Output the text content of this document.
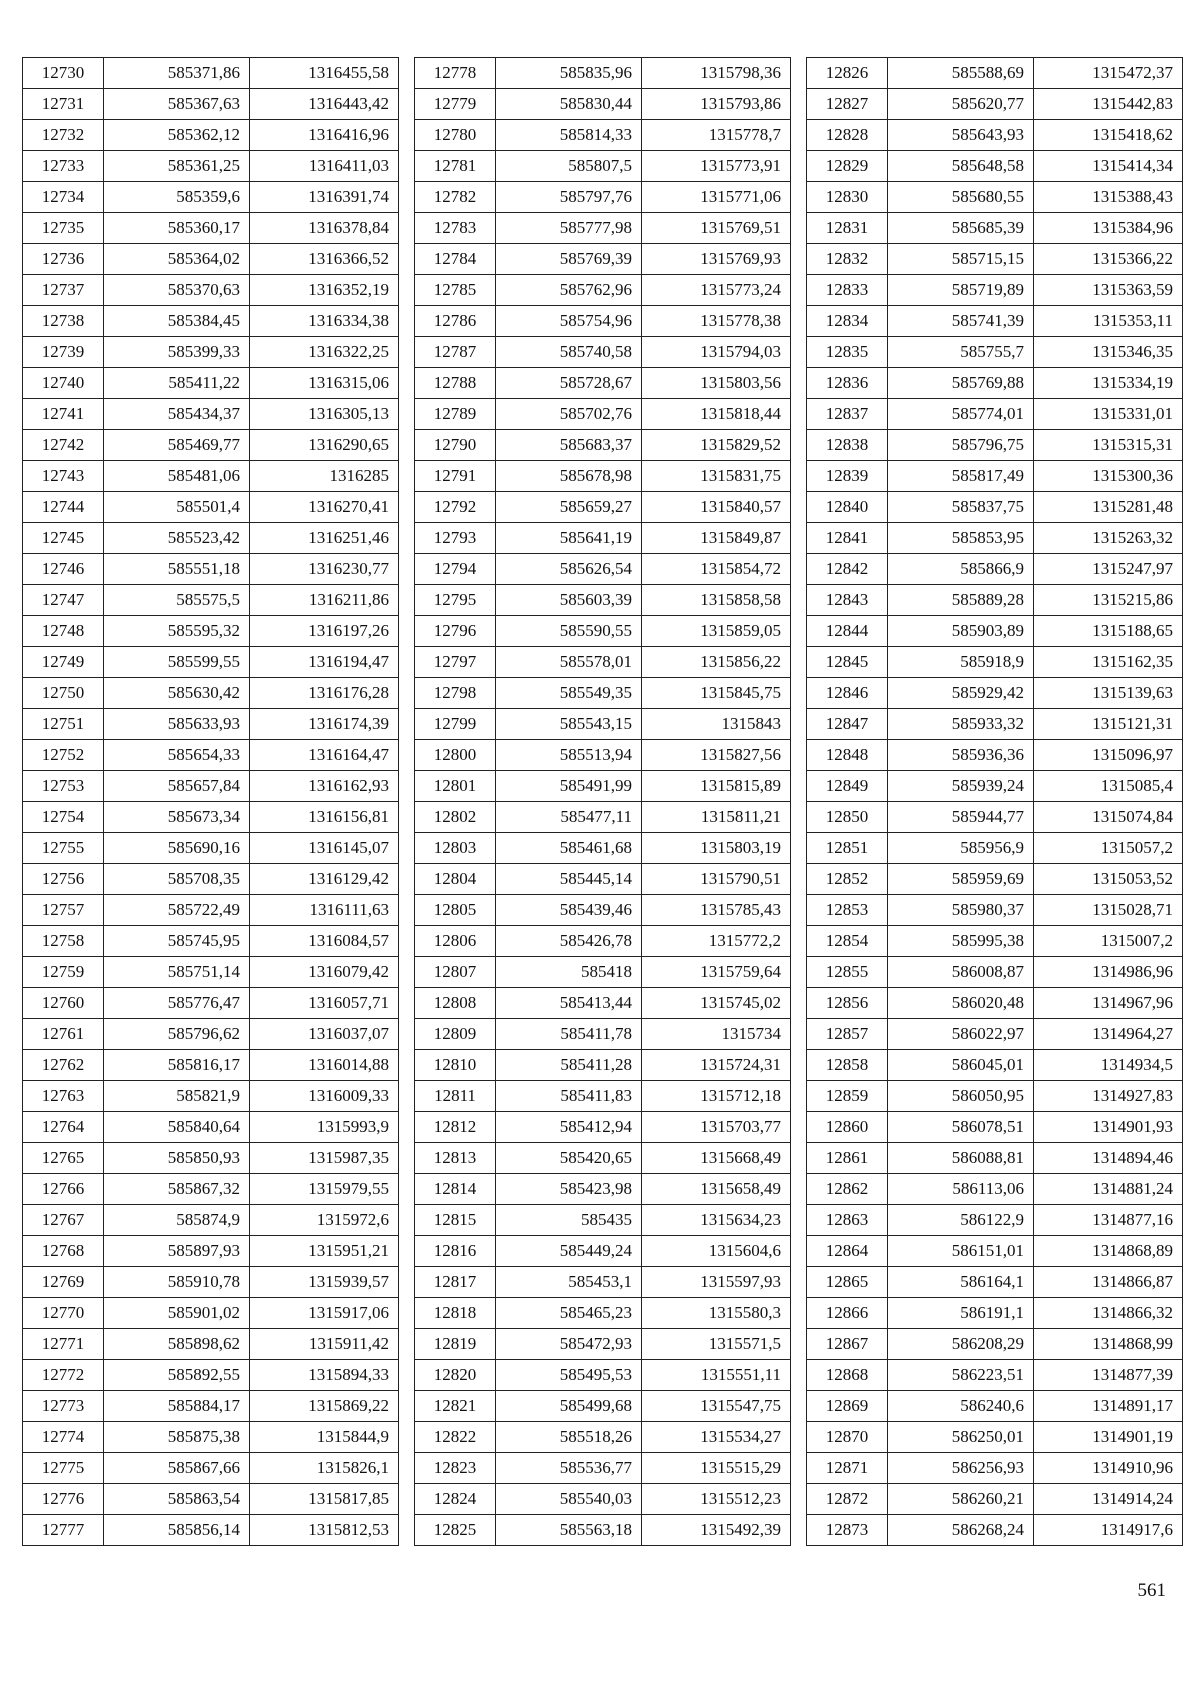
12730	585371,86	1316455,58
12731	585367,63	1316443,42
12732	585362,12	1316416,96
12733	585361,25	1316411,03
12734	585359,6	1316391,74
12735	585360,17	1316378,84
12736	585364,02	1316366,52
12737	585370,63	1316352,19
12738	585384,45	1316334,38
12739	585399,33	1316322,25
12740	585411,22	1316315,06
12741	585434,37	1316305,13
12742	585469,77	1316290,65
12743	585481,06	1316285
12744	585501,4	1316270,41
12745	585523,42	1316251,46
12746	585551,18	1316230,77
12747	585575,5	1316211,86
12748	585595,32	1316197,26
12749	585599,55	1316194,47
12750	585630,42	1316176,28
12751	585633,93	1316174,39
12752	585654,33	1316164,47
12753	585657,84	1316162,93
12754	585673,34	1316156,81
12755	585690,16	1316145,07
12756	585708,35	1316129,42
12757	585722,49	1316111,63
12758	585745,95	1316084,57
12759	585751,14	1316079,42
12760	585776,47	1316057,71
12761	585796,62	1316037,07
12762	585816,17	1316014,88
12763	585821,9	1316009,33
12764	585840,64	1315993,9
12765	585850,93	1315987,35
12766	585867,32	1315979,55
12767	585874,9	1315972,6
12768	585897,93	1315951,21
12769	585910,78	1315939,57
12770	585901,02	1315917,06
12771	585898,62	1315911,42
12772	585892,55	1315894,33
12773	585884,17	1315869,22
12774	585875,38	1315844,9
12775	585867,66	1315826,1
12776	585863,54	1315817,85
12777	585856,14	1315812,53
12778	585835,96	1315798,36
12779	585830,44	1315793,86
12780	585814,33	1315778,7
12781	585807,5	1315773,91
12782	585797,76	1315771,06
12783	585777,98	1315769,51
12784	585769,39	1315769,93
12785	585762,96	1315773,24
12786	585754,96	1315778,38
12787	585740,58	1315794,03
12788	585728,67	1315803,56
12789	585702,76	1315818,44
12790	585683,37	1315829,52
12791	585678,98	1315831,75
12792	585659,27	1315840,57
12793	585641,19	1315849,87
12794	585626,54	1315854,72
12795	585603,39	1315858,58
12796	585590,55	1315859,05
12797	585578,01	1315856,22
12798	585549,35	1315845,75
12799	585543,15	1315843
12800	585513,94	1315827,56
12801	585491,99	1315815,89
12802	585477,11	1315811,21
12803	585461,68	1315803,19
12804	585445,14	1315790,51
12805	585439,46	1315785,43
12806	585426,78	1315772,2
12807	585418	1315759,64
12808	585413,44	1315745,02
12809	585411,78	1315734
12810	585411,28	1315724,31
12811	585411,83	1315712,18
12812	585412,94	1315703,77
12813	585420,65	1315668,49
12814	585423,98	1315658,49
12815	585435	1315634,23
12816	585449,24	1315604,6
12817	585453,1	1315597,93
12818	585465,23	1315580,3
12819	585472,93	1315571,5
12820	585495,53	1315551,11
12821	585499,68	1315547,75
12822	585518,26	1315534,27
12823	585536,77	1315515,29
12824	585540,03	1315512,23
12825	585563,18	1315492,39
12826	585588,69	1315472,37
12827	585620,77	1315442,83
12828	585643,93	1315418,62
12829	585648,58	1315414,34
12830	585680,55	1315388,43
12831	585685,39	1315384,96
12832	585715,15	1315366,22
12833	585719,89	1315363,59
12834	585741,39	1315353,11
12835	585755,7	1315346,35
12836	585769,88	1315334,19
12837	585774,01	1315331,01
12838	585796,75	1315315,31
12839	585817,49	1315300,36
12840	585837,75	1315281,48
12841	585853,95	1315263,32
12842	585866,9	1315247,97
12843	585889,28	1315215,86
12844	585903,89	1315188,65
12845	585918,9	1315162,35
12846	585929,42	1315139,63
12847	585933,32	1315121,31
12848	585936,36	1315096,97
12849	585939,24	1315085,4
12850	585944,77	1315074,84
12851	585956,9	1315057,2
12852	585959,69	1315053,52
12853	585980,37	1315028,71
12854	585995,38	1315007,2
12855	586008,87	1314986,96
12856	586020,48	1314967,96
12857	586022,97	1314964,27
12858	586045,01	1314934,5
12859	586050,95	1314927,83
12860	586078,51	1314901,93
12861	586088,81	1314894,46
12862	586113,06	1314881,24
12863	586122,9	1314877,16
12864	586151,01	1314868,89
12865	586164,1	1314866,87
12866	586191,1	1314866,32
12867	586208,29	1314868,99
12868	586223,51	1314877,39
12869	586240,6	1314891,17
12870	586250,01	1314901,19
12871	586256,93	1314910,96
12872	586260,21	1314914,24
12873	586268,24	1314917,6
561
